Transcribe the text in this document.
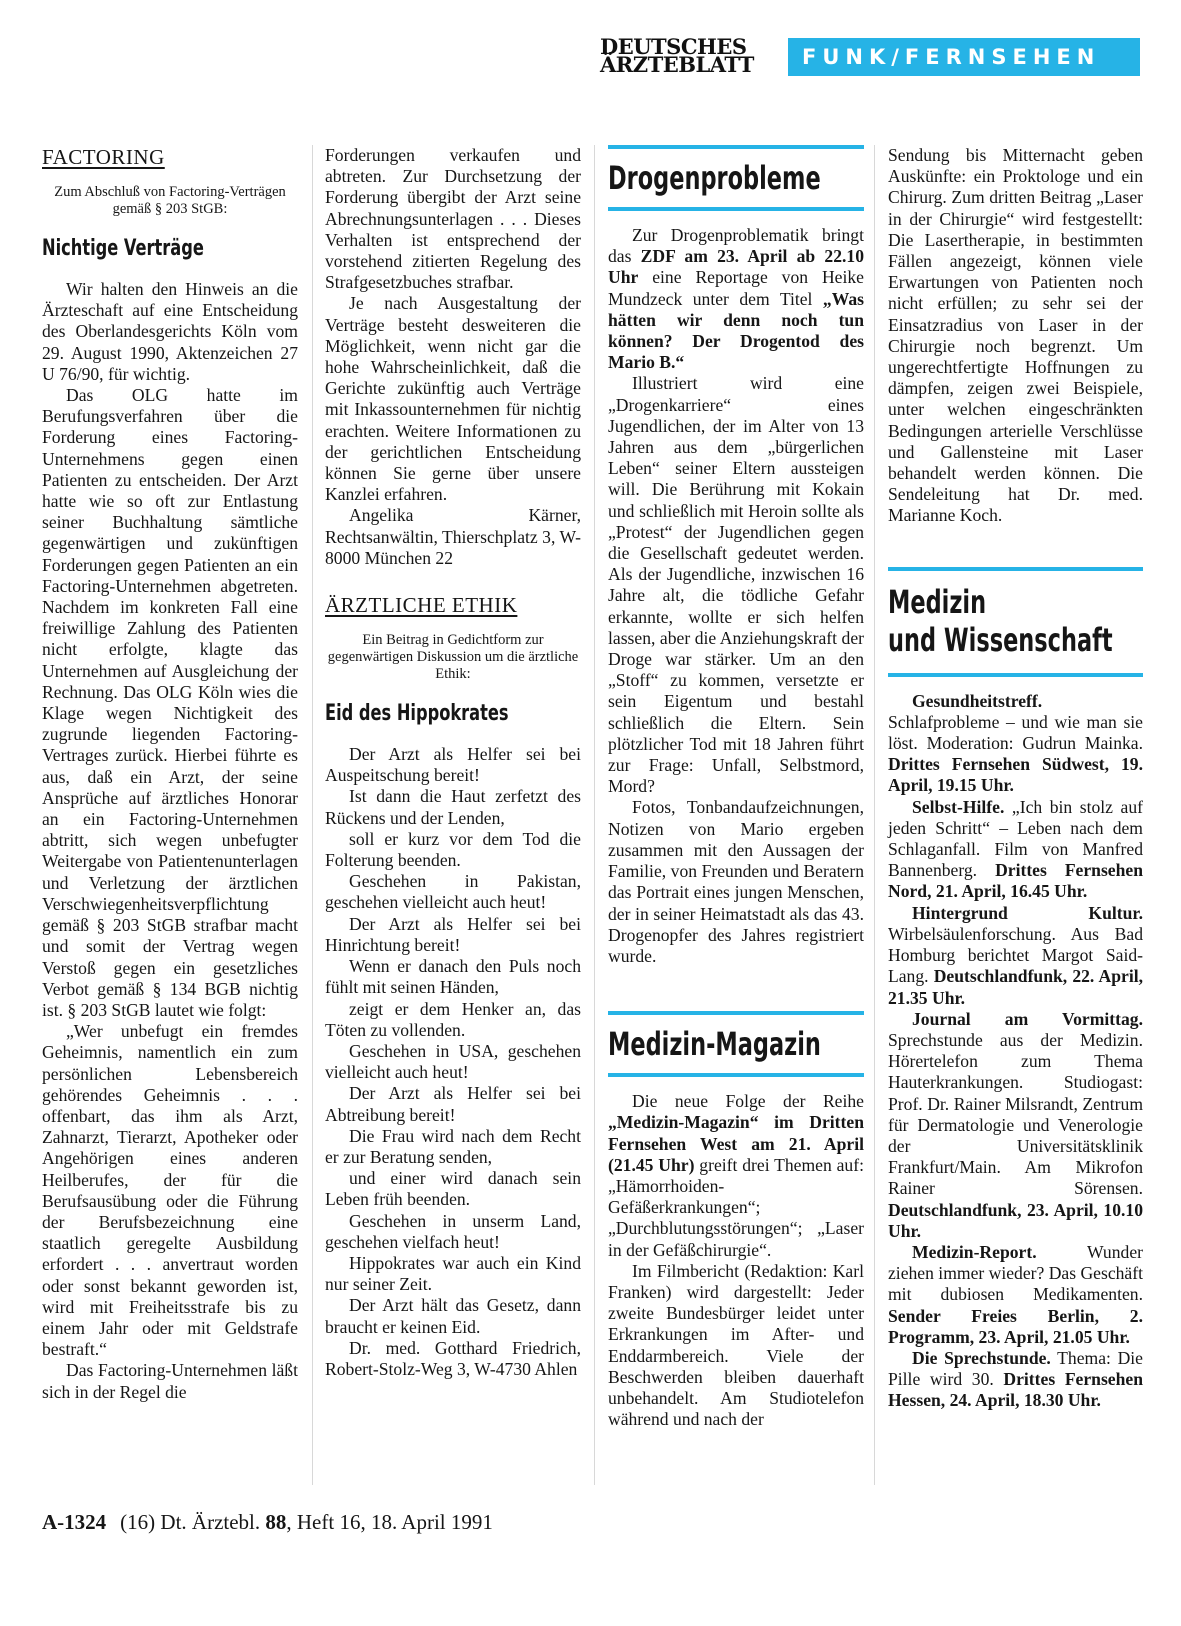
DEUTSCHES
ÄRZTEBLATT	FUNK/FERNSEHEN
FACTORING
Zum Abschluß von Factoring-Verträgen gemäß § 203 StGB:
Nichtige Verträge

Wir halten den Hinweis an die Ärzteschaft auf eine Entscheidung des Oberlandesgerichts Köln vom 29. August 1990, Aktenzeichen 27 U 76/90, für wichtig.

Das OLG hatte im Berufungsverfahren über die Forderung eines Factoring-Unternehmens gegen einen Patienten zu entscheiden. Der Arzt hatte wie so oft zur Entlastung seiner Buchhaltung sämtliche gegenwärtigen und zukünftigen Forderungen gegen Patienten an ein Factoring-Unternehmen abgetreten. Nachdem im konkreten Fall eine freiwillige Zahlung des Patienten nicht erfolgte, klagte das Unternehmen auf Ausgleichung der Rechnung. Das OLG Köln wies die Klage wegen Nichtigkeit des zugrunde liegenden Factoring-Vertrages zurück. Hierbei führte es aus, daß ein Arzt, der seine Ansprüche auf ärztliches Honorar an ein Factoring-Unternehmen abtritt, sich wegen unbefugter Weitergabe von Patientenunterlagen und Verletzung der ärztlichen Verschwiegenheitsverpflichtung gemäß § 203 StGB strafbar macht und somit der Vertrag wegen Verstoß gegen ein gesetzliches Verbot gemäß § 134 BGB nichtig ist. § 203 StGB lautet wie folgt:

„Wer unbefugt ein fremdes Geheimnis, namentlich ein zum persönlichen Lebensbereich gehörendes Geheimnis . . . offenbart, das ihm als Arzt, Zahnarzt, Tierarzt, Apotheker oder Angehörigen eines anderen Heilberufes, der für die Berufsausübung oder die Führung der Berufsbezeichnung eine staatlich geregelte Ausbildung erfordert . . . anvertraut worden oder sonst bekannt geworden ist, wird mit Freiheitsstrafe bis zu einem Jahr oder mit Geldstrafe bestraft.“

Das Factoring-Unternehmen läßt sich in der Regel die

Forderungen verkaufen und abtreten. Zur Durchsetzung der Forderung übergibt der Arzt seine Abrechnungsunterlagen . . . Dieses Verhalten ist entsprechend der vorstehend zitierten Regelung des Strafgesetzbuches strafbar.

Je nach Ausgestaltung der Verträge besteht desweiteren die Möglichkeit, wenn nicht gar die hohe Wahrscheinlichkeit, daß die Gerichte zukünftig auch Verträge mit Inkassounternehmen für nichtig erachten. Weitere Informationen zu der gerichtlichen Entscheidung können Sie gerne über unsere Kanzlei erfahren.

Angelika Kärner, Rechtsanwältin, Thierschplatz 3, W-8000 München 22

ÄRZTLICHE ETHIK
Ein Beitrag in Gedichtform zur gegenwärtigen Diskussion um die ärztliche Ethik:
Eid des Hippokrates

Der Arzt als Helfer sei bei Auspeitschung bereit!

Ist dann die Haut zerfetzt des Rückens und der Lenden,

soll er kurz vor dem Tod die Folterung beenden.

Geschehen in Pakistan, geschehen vielleicht auch heut!

Der Arzt als Helfer sei bei Hinrichtung bereit!

Wenn er danach den Puls noch fühlt mit seinen Händen,

zeigt er dem Henker an, das Töten zu vollenden.

Geschehen in USA, geschehen vielleicht auch heut!

Der Arzt als Helfer sei bei Abtreibung bereit!

Die Frau wird nach dem Recht er zur Beratung senden,

und einer wird danach sein Leben früh beenden.

Geschehen in unserm Land, geschehen vielfach heut!

Hippokrates war auch ein Kind nur seiner Zeit.

Der Arzt hält das Gesetz, dann braucht er keinen Eid.

Dr. med. Gotthard Friedrich, Robert-Stolz-Weg 3, W-4730 Ahlen

Drogenprobleme

Zur Drogenproblematik bringt das ZDF am 23. April ab 22.10 Uhr eine Reportage von Heike Mundzeck unter dem Titel „Was hätten wir denn noch tun können? Der Drogentod des Mario B.“

Illustriert wird eine „Drogenkarriere“ eines Jugendlichen, der im Alter von 13 Jahren aus dem „bürgerlichen Leben“ seiner Eltern aussteigen will. Die Berührung mit Kokain und schließlich mit Heroin sollte als „Protest“ der Jugendlichen gegen die Gesellschaft gedeutet werden. Als der Jugendliche, inzwischen 16 Jahre alt, die tödliche Gefahr erkannte, wollte er sich helfen lassen, aber die Anziehungskraft der Droge war stärker. Um an den „Stoff“ zu kommen, versetzte er sein Eigentum und bestahl schließlich die Eltern. Sein plötzlicher Tod mit 18 Jahren führt zur Frage: Unfall, Selbstmord, Mord?

Fotos, Tonbandaufzeichnungen, Notizen von Mario ergeben zusammen mit den Aussagen der Familie, von Freunden und Beratern das Portrait eines jungen Menschen, der in seiner Heimatstadt als das 43. Drogenopfer des Jahres registriert wurde.

Medizin-Magazin

Die neue Folge der Reihe „Medizin-Magazin“ im Dritten Fernsehen West am 21. April (21.45 Uhr) greift drei Themen auf: „Hämorrhoiden-Gefäßerkrankungen“; „Durchblutungsstörungen“; „Laser in der Gefäßchirurgie“.

Im Filmbericht (Redaktion: Karl Franken) wird dargestellt: Jeder zweite Bundesbürger leidet unter Erkrankungen im After- und Enddarmbereich. Viele der Beschwerden bleiben dauerhaft unbehandelt. Am Studiotelefon während und nach der

Sendung bis Mitternacht geben Auskünfte: ein Proktologe und ein Chirurg. Zum dritten Beitrag „Laser in der Chirurgie“ wird festgestellt: Die Lasertherapie, in bestimmten Fällen angezeigt, können viele Erwartungen von Patienten noch nicht erfüllen; zu sehr sei der Einsatzradius von Laser in der Chirurgie noch begrenzt. Um ungerechtfertigte Hoffnungen zu dämpfen, zeigen zwei Beispiele, unter welchen eingeschränkten Bedingungen arterielle Verschlüsse und Gallensteine mit Laser behandelt werden können. Die Sendeleitung hat Dr. med. Marianne Koch.

Medizin
und Wissenschaft

Gesundheitstreff. Schlafprobleme – und wie man sie löst. Moderation: Gudrun Mainka. Drittes Fernsehen Südwest, 19. April, 19.15 Uhr.

Selbst-Hilfe. „Ich bin stolz auf jeden Schritt“ – Leben nach dem Schlaganfall. Film von Manfred Bannenberg. Drittes Fernsehen Nord, 21. April, 16.45 Uhr.

Hintergrund Kultur. Wirbelsäulenforschung. Aus Bad Homburg berichtet Margot Said-Lang. Deutschlandfunk, 22. April, 21.35 Uhr.

Journal am Vormittag. Sprechstunde aus der Medizin. Hörertelefon zum Thema Hauterkrankungen. Studiogast: Prof. Dr. Rainer Milsrandt, Zentrum für Dermatologie und Venerologie der Universitätsklinik Frankfurt/Main. Am Mikrofon Rainer Sörensen. Deutschlandfunk, 23. April, 10.10 Uhr.

Medizin-Report. Wunder ziehen immer wieder? Das Geschäft mit dubiosen Medikamenten. Sender Freies Berlin, 2. Programm, 23. April, 21.05 Uhr.

Die Sprechstunde. Thema: Die Pille wird 30. Drittes Fernsehen Hessen, 24. April, 18.30 Uhr.

A-1324 (16) Dt. Ärztebl. 88, Heft 16, 18. April 1991
